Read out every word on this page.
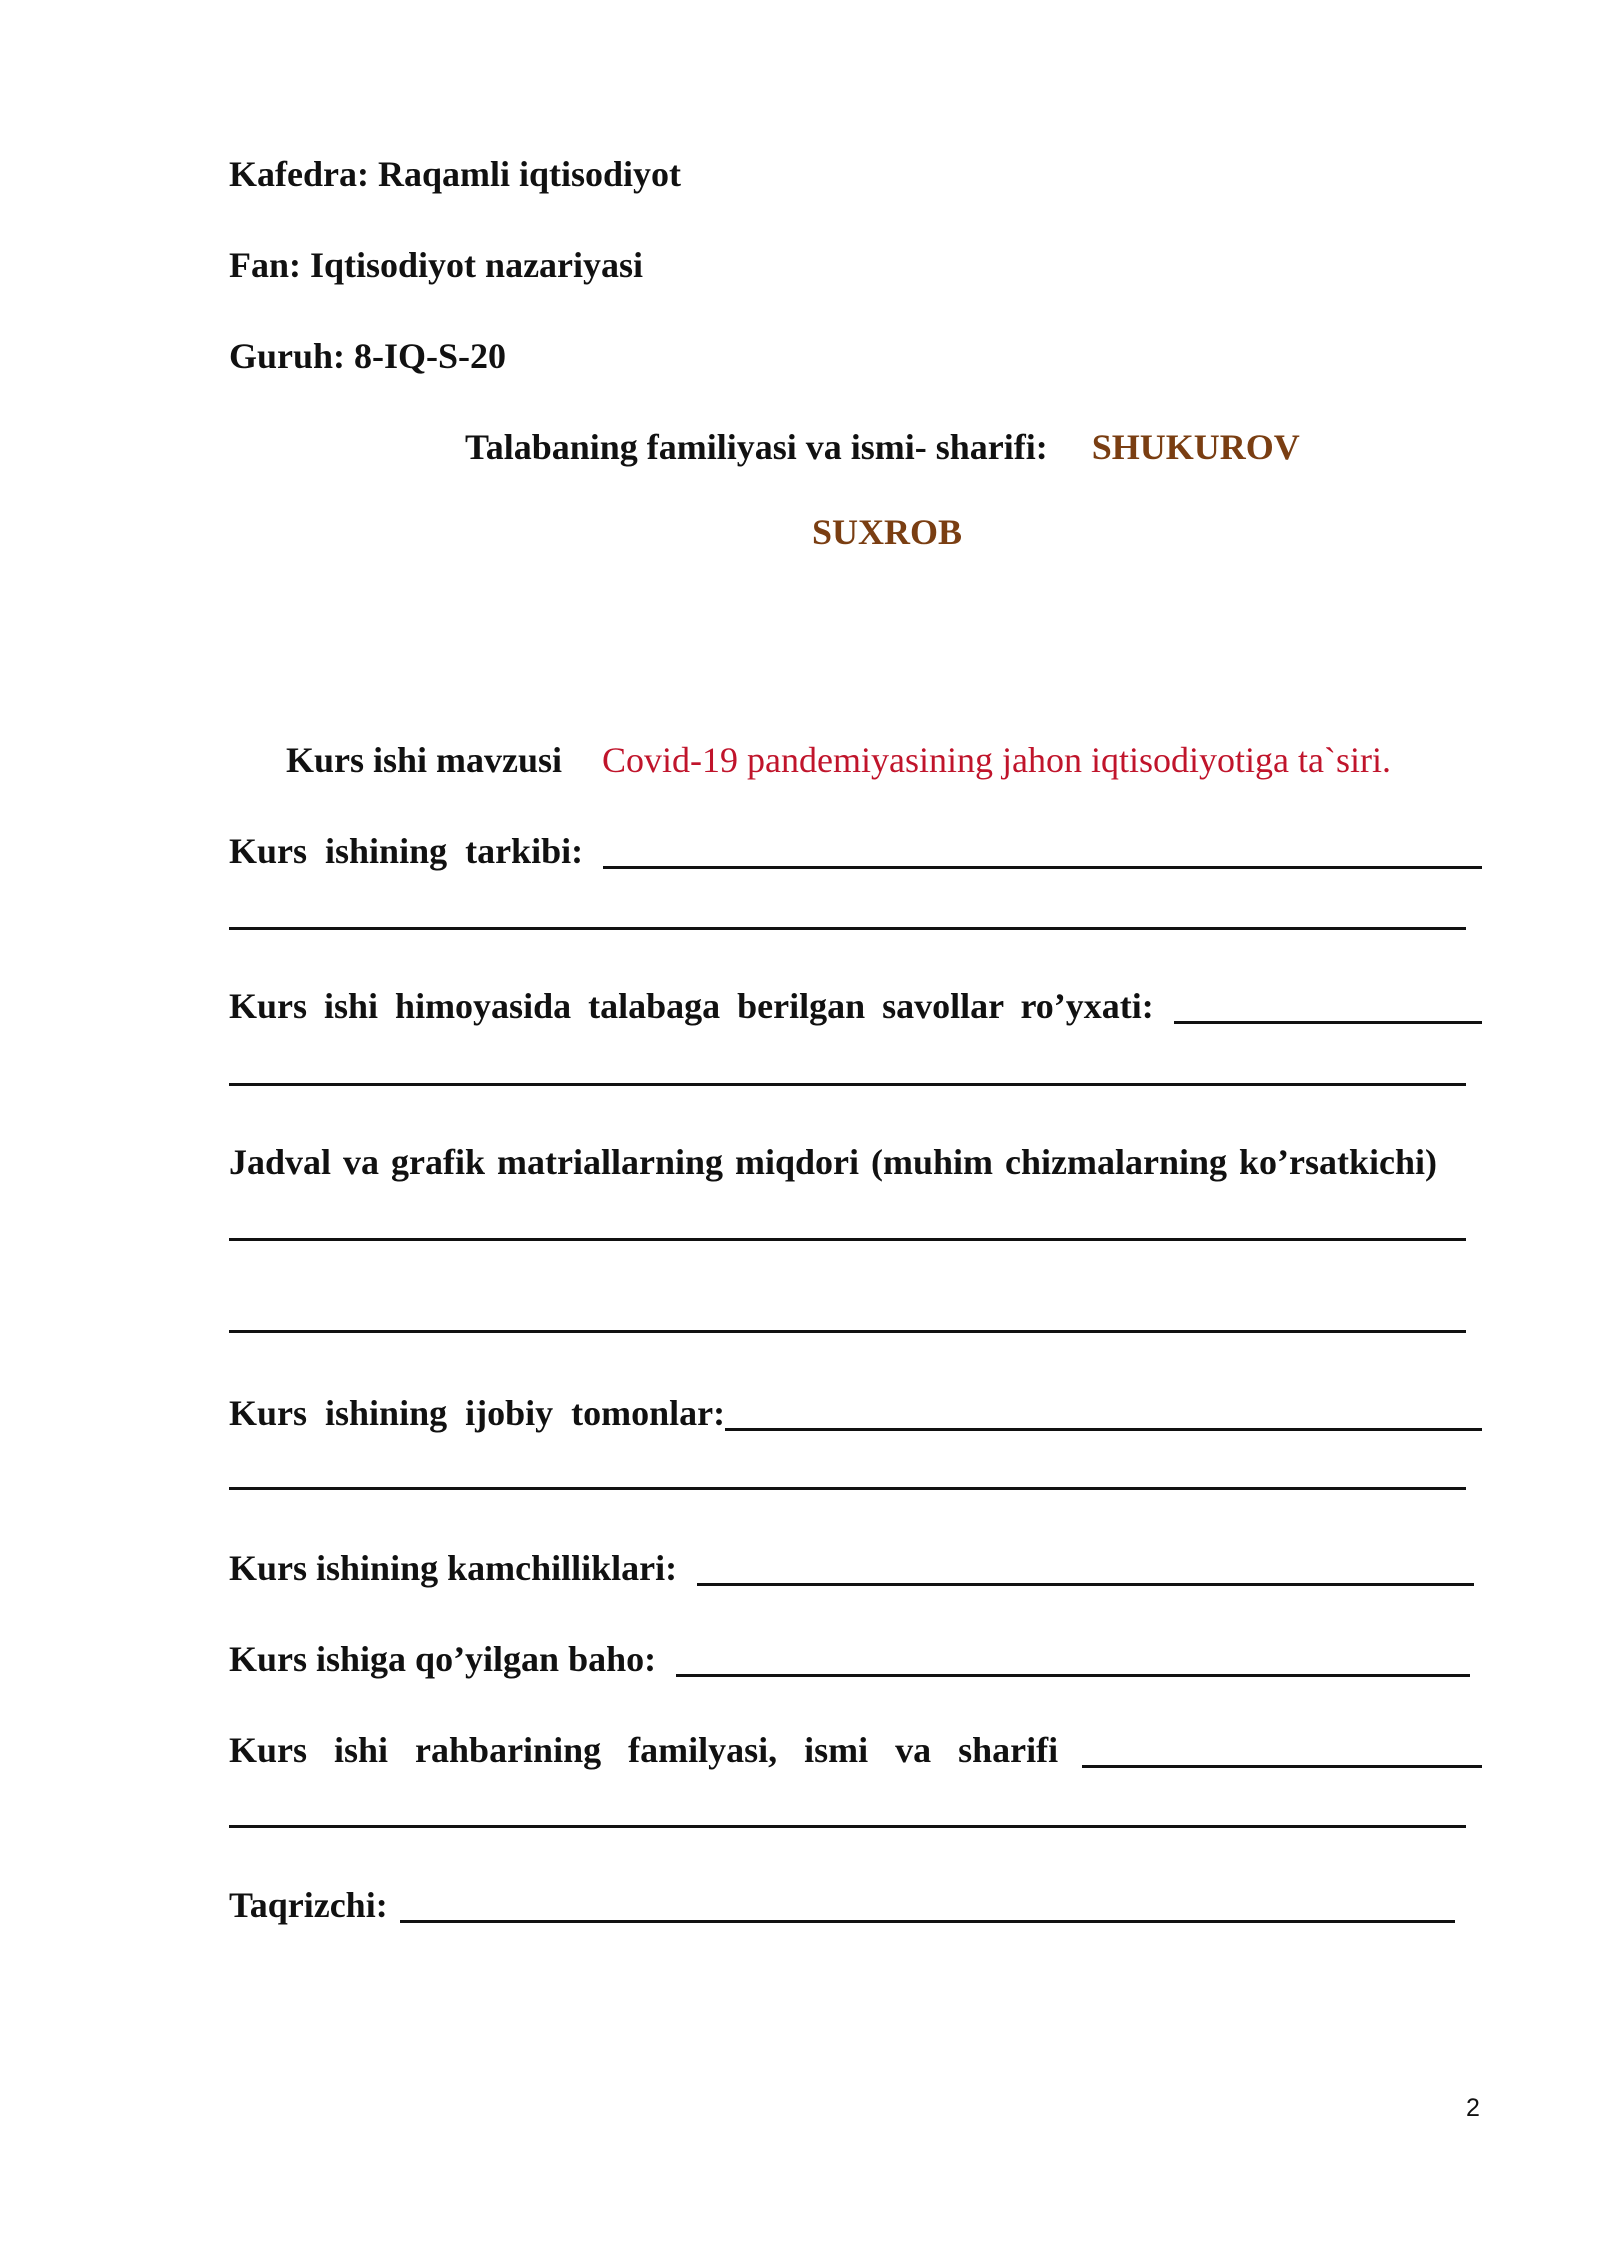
Kafedra: Raqamli iqtisodiyot
Fan: Iqtisodiyot nazariyasi
Guruh: 8-IQ-S-20
Talabaning familiyasi va ismi- sharifi: SHUKUROV
SUXROB
Kurs ishi mavzusi Covid-19 pandemiyasining jahon iqtisodiyotiga ta`siri.
Kurs  ishining  tarkibi:
Kurs ishi himoyasida talabaga berilgan savollar ro’yxati:
Jadval va grafik matriallarning miqdori (muhim chizmalarning ko’rsatkichi)
Kurs  ishining  ijobiy  tomonlar:
Kurs ishining kamchilliklari:
Kurs ishiga qo’yilgan baho:
Kurs   ishi   rahbarining   familyasi,   ismi   va   sharifi
Taqrizchi:
2
